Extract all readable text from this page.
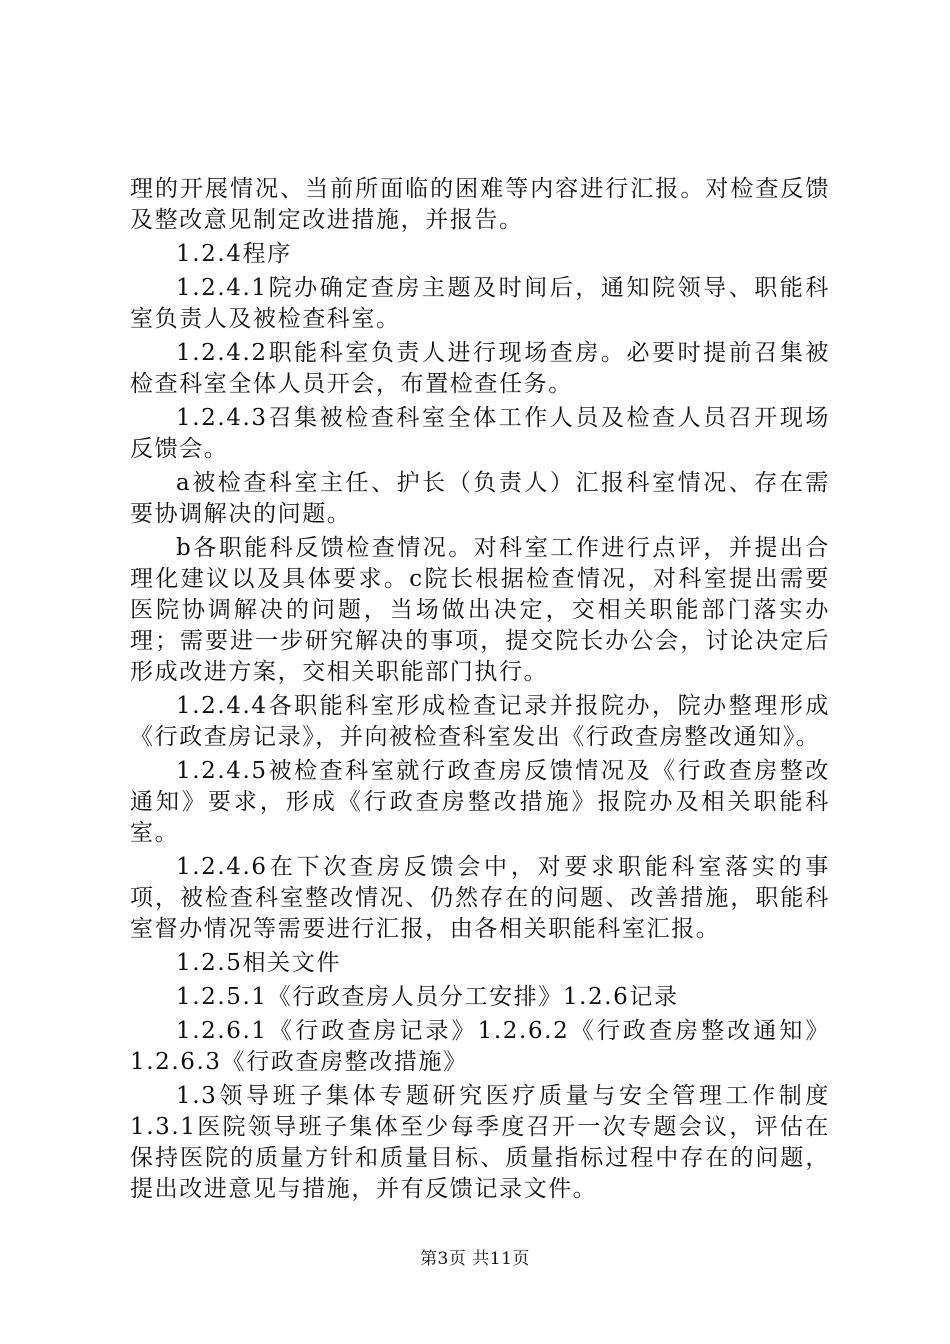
理的开展情况、当前所面临的困难等内容进行汇报。对检查反馈及整改意见制定改进措施，并报告。

1.2.4程序

1.2.4.1院办确定查房主题及时间后，通知院领导、职能科室负责人及被检查科室。

1.2.4.2职能科室负责人进行现场查房。必要时提前召集被检查科室全体人员开会，布置检查任务。

1.2.4.3召集被检查科室全体工作人员及检查人员召开现场反馈会。

a被检查科室主任、护长（负责人）汇报科室情况、存在需要协调解决的问题。

b各职能科反馈检查情况。对科室工作进行点评，并提出合理化建议以及具体要求。c院长根据检查情况，对科室提出需要医院协调解决的问题，当场做出决定，交相关职能部门落实办理；需要进一步研究解决的事项，提交院长办公会，讨论决定后形成改进方案，交相关职能部门执行。

1.2.4.4各职能科室形成检查记录并报院办，院办整理形成《行政查房记录》，并向被检查科室发出《行政查房整改通知》。

1.2.4.5被检查科室就行政查房反馈情况及《行政查房整改通知》要求，形成《行政查房整改措施》报院办及相关职能科室。

1.2.4.6在下次查房反馈会中，对要求职能科室落实的事项，被检查科室整改情况、仍然存在的问题、改善措施，职能科室督办情况等需要进行汇报，由各相关职能科室汇报。

1.2.5相关文件

1.2.5.1《行政查房人员分工安排》1.2.6记录

1.2.6.1《行政查房记录》1.2.6.2《行政查房整改通知》1.2.6.3《行政查房整改措施》

1.3领导班子集体专题研究医疗质量与安全管理工作制度1.3.1医院领导班子集体至少每季度召开一次专题会议，评估在保持医院的质量方针和质量目标、质量指标过程中存在的问题，提出改进意见与措施，并有反馈记录文件。

第3页 共11页
